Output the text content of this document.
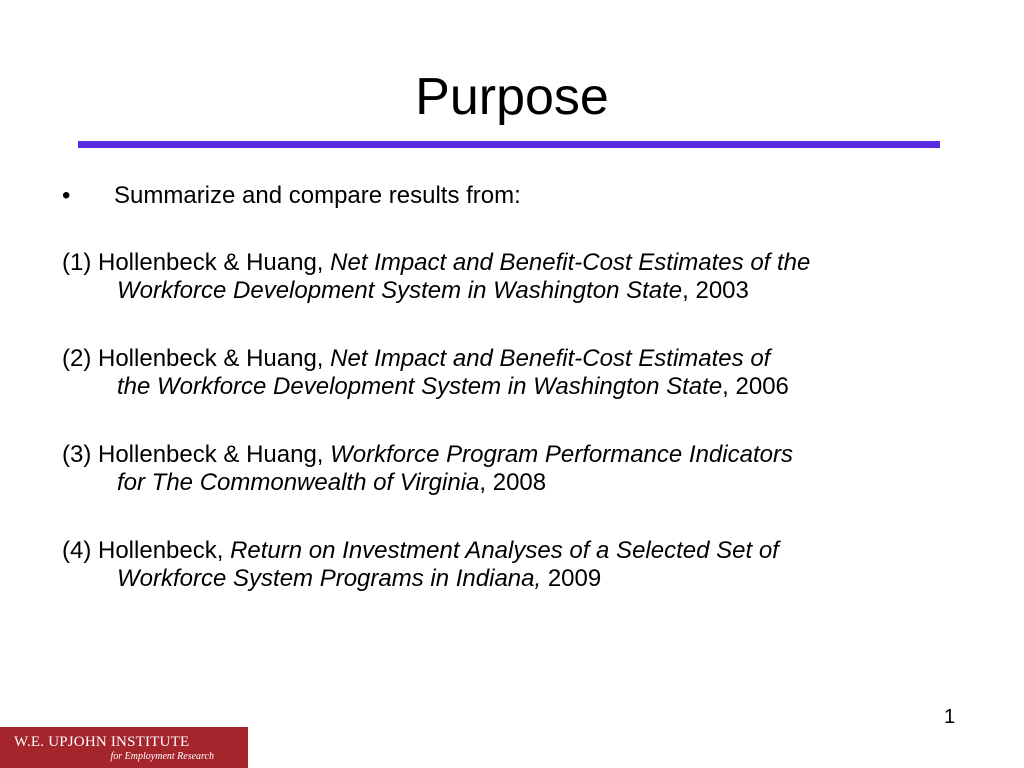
Purpose
• Summarize and compare results from:
(1) Hollenbeck & Huang, Net Impact and Benefit-Cost Estimates of the
Workforce Development System in Washington State, 2003
(2) Hollenbeck & Huang, Net Impact and Benefit-Cost Estimates of
the Workforce Development System in Washington State, 2006
(3) Hollenbeck & Huang, Workforce Program Performance Indicators
for The Commonwealth of Virginia, 2008
(4) Hollenbeck, Return on Investment Analyses of a Selected Set of
Workforce System Programs in Indiana, 2009
1
W.E. UPJOHN INSTITUTE
for Employment Research
